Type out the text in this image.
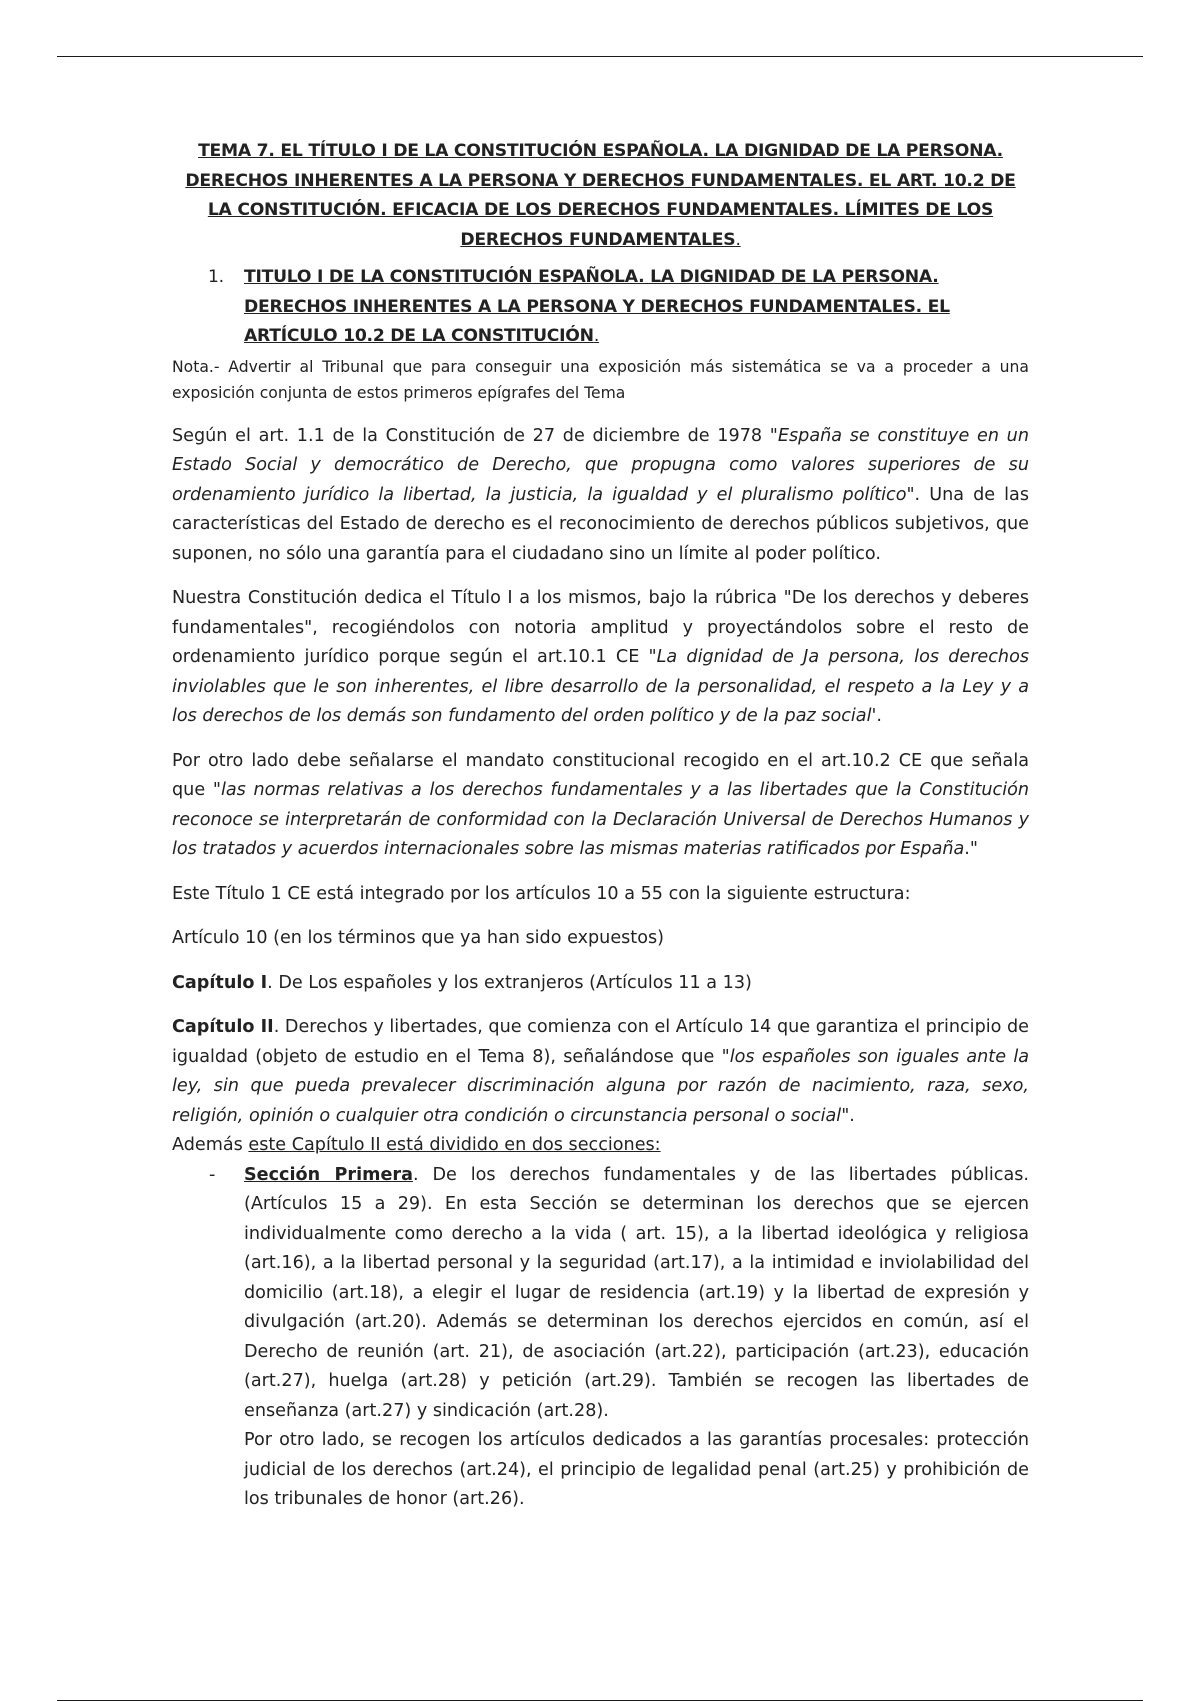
TEMA 7. EL TÍTULO I DE LA CONSTITUCIÓN ESPAÑOLA. LA DIGNIDAD DE LA PERSONA. DERECHOS INHERENTES A LA PERSONA Y DERECHOS FUNDAMENTALES. EL ART. 10.2 DE LA CONSTITUCIÓN. EFICACIA DE LOS DERECHOS FUNDAMENTALES. LÍMITES DE LOS DERECHOS FUNDAMENTALES.
1.	TITULO I DE LA CONSTITUCIÓN ESPAÑOLA. LA DIGNIDAD DE LA PERSONA. DERECHOS INHERENTES A LA PERSONA Y DERECHOS FUNDAMENTALES. EL ARTÍCULO 10.2 DE LA CONSTITUCIÓN.
Nota.- Advertir al Tribunal que para conseguir una exposición más sistemática se va a proceder a una exposición conjunta de estos primeros epígrafes del Tema

Según el art. 1.1 de la Constitución de 27 de diciembre de 1978 "España se constituye en un Estado Social y democrático de Derecho, que propugna como valores superiores de su ordenamiento jurídico la libertad, la justicia, la igualdad y el pluralismo político". Una de las características del Estado de derecho es el reconocimiento de derechos públicos subjetivos, que suponen, no sólo una garantía para el ciudadano sino un límite al poder político.

Nuestra Constitución dedica el Título I a los mismos, bajo la rúbrica "De los derechos y deberes fundamentales", recogiéndolos con notoria amplitud y proyectándolos sobre el resto de ordenamiento jurídico porque según el art.10.1 CE "La dignidad de Ja persona, los derechos inviolables que le son inherentes, el libre desarrollo de la personalidad, el respeto a la Ley y a los derechos de los demás son fundamento del orden político y de la paz social'.

Por otro lado debe señalarse el mandato constitucional recogido en el art.10.2 CE que señala que "las normas relativas a los derechos fundamentales y a las libertades que la Constitución reconoce se interpretarán de conformidad con la Declaración Universal de Derechos Humanos y los tratados y acuerdos internacionales sobre las mismas materias ratificados por España."

Este Título 1 CE está integrado por los artículos 10 a 55 con la siguiente estructura:

Artículo 10 (en los términos que ya han sido expuestos)

Capítulo I. De Los españoles y los extranjeros (Artículos 11 a 13)

Capítulo II. Derechos y libertades, que comienza con el Artículo 14 que garantiza el principio de igualdad (objeto de estudio en el Tema 8), señalándose que "los españoles son iguales ante la ley, sin que pueda prevalecer discriminación alguna por razón de nacimiento, raza, sexo, religión, opinión o cualquier otra condición o circunstancia personal o social".

Además este Capítulo II está dividido en dos secciones:

-	Sección Primera. De los derechos fundamentales y de las libertades públicas. (Artículos 15 a 29). En esta Sección se determinan los derechos que se ejercen individualmente como derecho a la vida ( art. 15), a la libertad ideológica y religiosa (art.16), a la libertad personal y la seguridad (art.17), a la intimidad e inviolabilidad del domicilio (art.18), a elegir el lugar de residencia (art.19) y la libertad de expresión y divulgación (art.20). Además se determinan los derechos ejercidos en común, así el Derecho de reunión (art. 21), de asociación (art.22), participación (art.23), educación (art.27), huelga (art.28) y petición (art.29). También se recogen las libertades de enseñanza (art.27) y sindicación (art.28).

Por otro lado, se recogen los artículos dedicados a las garantías procesales: protección judicial de los derechos (art.24), el principio de legalidad penal (art.25) y prohibición de los tribunales de honor (art.26).
